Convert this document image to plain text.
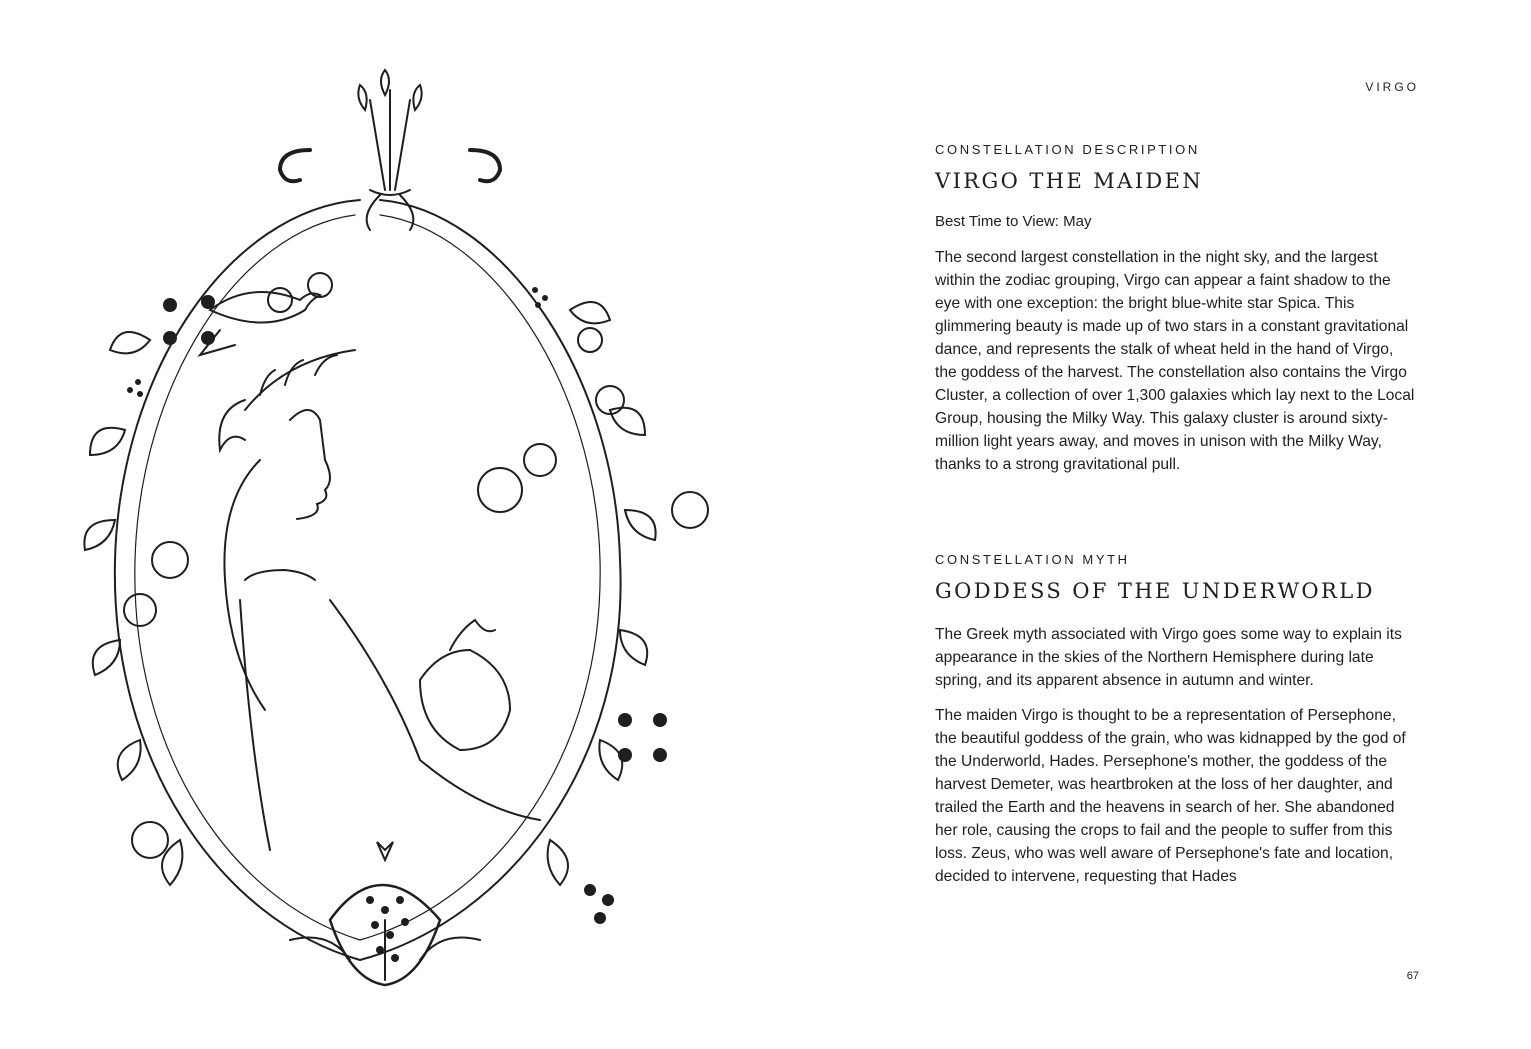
VIRGO
CONSTELLATION DESCRIPTION
VIRGO THE MAIDEN
Best Time to View: May

The second largest constellation in the night sky, and the largest within the zodiac grouping, Virgo can appear a faint shadow to the eye with one exception: the bright blue-white star Spica. This glimmering beauty is made up of two stars in a constant gravitational dance, and represents the stalk of wheat held in the hand of Virgo, the goddess of the harvest. The constellation also contains the Virgo Cluster, a collection of over 1,300 galaxies which lay next to the Local Group, housing the Milky Way. This galaxy cluster is around sixty-million light years away, and moves in unison with the Milky Way, thanks to a strong gravitational pull.

CONSTELLATION MYTH
GODDESS OF THE UNDERWORLD

The Greek myth associated with Virgo goes some way to explain its appearance in the skies of the Northern Hemisphere during late spring, and its apparent absence in autumn and winter.

The maiden Virgo is thought to be a representation of Persephone, the beautiful goddess of the grain, who was kidnapped by the god of the Underworld, Hades. Persephone's mother, the goddess of the harvest Demeter, was heartbroken at the loss of her daughter, and trailed the Earth and the heavens in search of her. She abandoned her role, causing the crops to fail and the people to suffer from this loss. Zeus, who was well aware of Persephone's fate and location, decided to intervene, requesting that Hades

67
